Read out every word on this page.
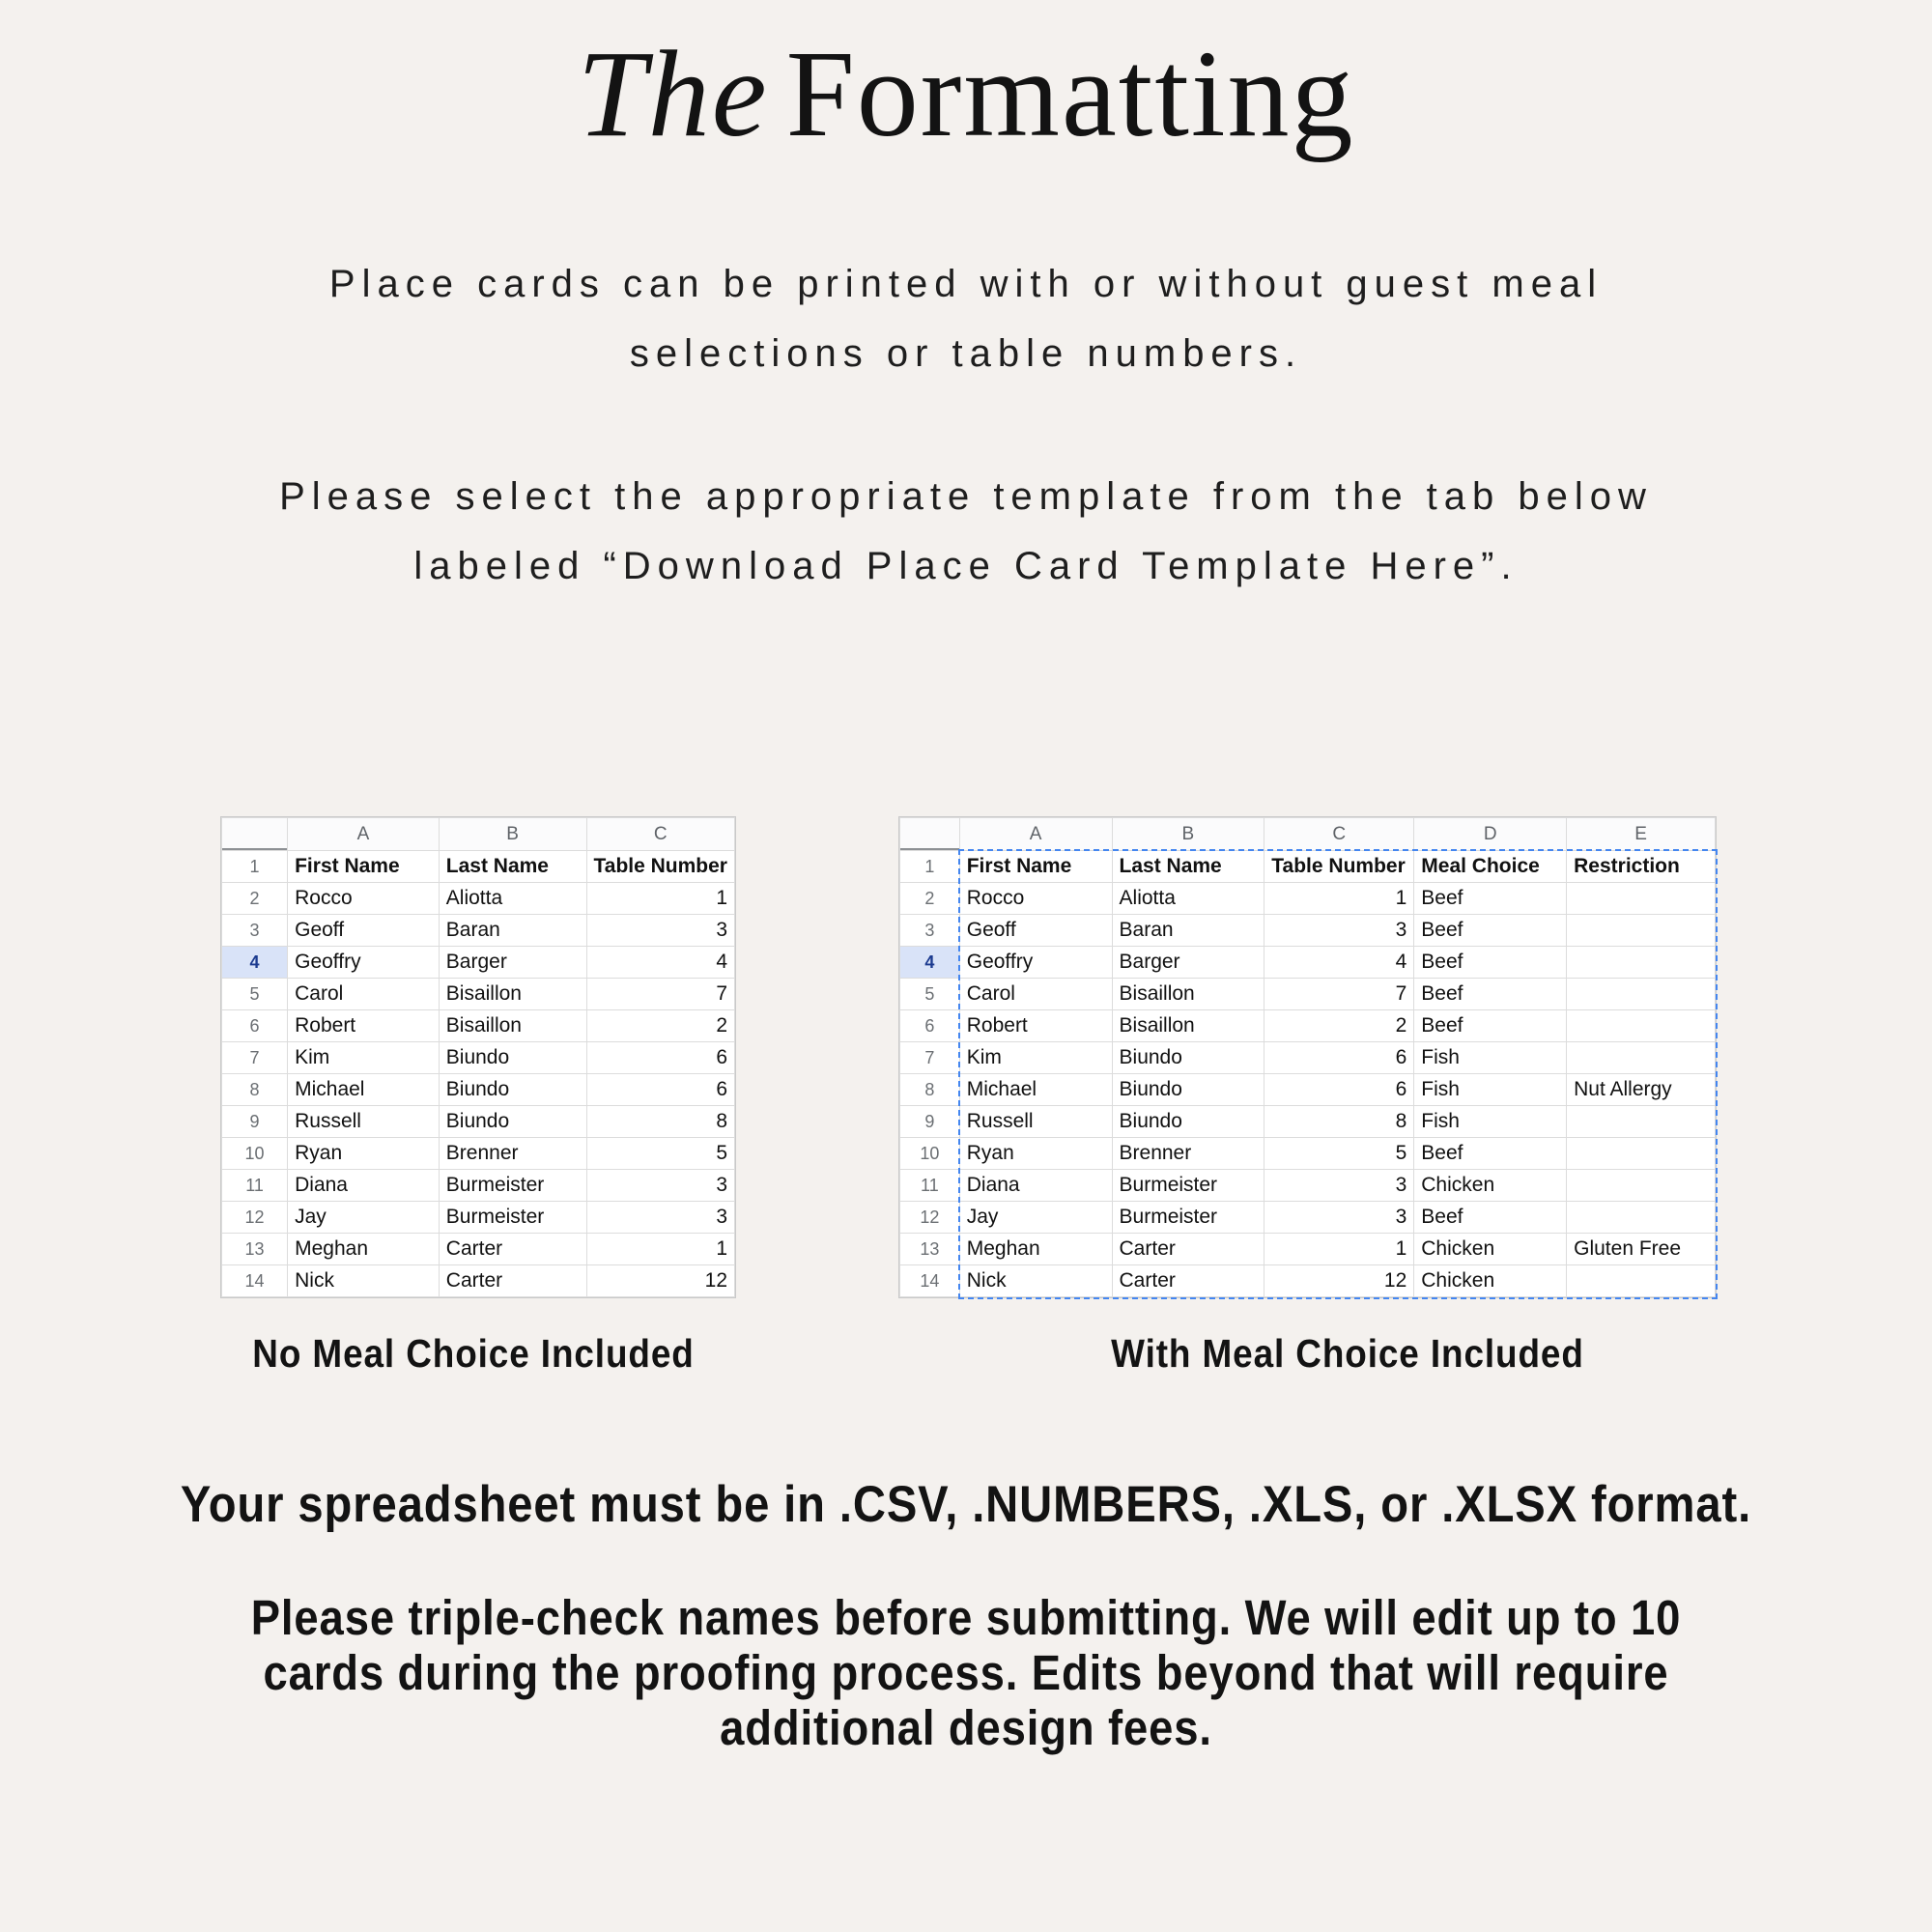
The Formatting

Place cards can be printed with or without guest meal
selections or table numbers.

Please select the appropriate template from the tab below
labeled “Download Place Card Template Here”.

	A	B	C
1	First Name	Last Name	Table Number
2	Rocco	Aliotta	1
3	Geoff	Baran	3
4	Geoffry	Barger	4
5	Carol	Bisaillon	7
6	Robert	Bisaillon	2
7	Kim	Biundo	6
8	Michael	Biundo	6
9	Russell	Biundo	8
10	Ryan	Brenner	5
11	Diana	Burmeister	3
12	Jay	Burmeister	3
13	Meghan	Carter	1
14	Nick	Carter	12
	A	B	C	D	E
1	First Name	Last Name	Table Number	Meal Choice	Restriction
2	Rocco	Aliotta	1	Beef	
3	Geoff	Baran	3	Beef	
4	Geoffry	Barger	4	Beef	
5	Carol	Bisaillon	7	Beef	
6	Robert	Bisaillon	2	Beef	
7	Kim	Biundo	6	Fish	
8	Michael	Biundo	6	Fish	Nut Allergy
9	Russell	Biundo	8	Fish	
10	Ryan	Brenner	5	Beef	
11	Diana	Burmeister	3	Chicken	
12	Jay	Burmeister	3	Beef	
13	Meghan	Carter	1	Chicken	Gluten Free
14	Nick	Carter	12	Chicken	
No Meal Choice Included	With Meal Choice Included

Your spreadsheet must be in .CSV, .NUMBERS, .XLS, or .XLSX format.

Please triple-check names before submitting. We will edit up to 10
cards during the proofing process. Edits beyond that will require
additional design fees.
